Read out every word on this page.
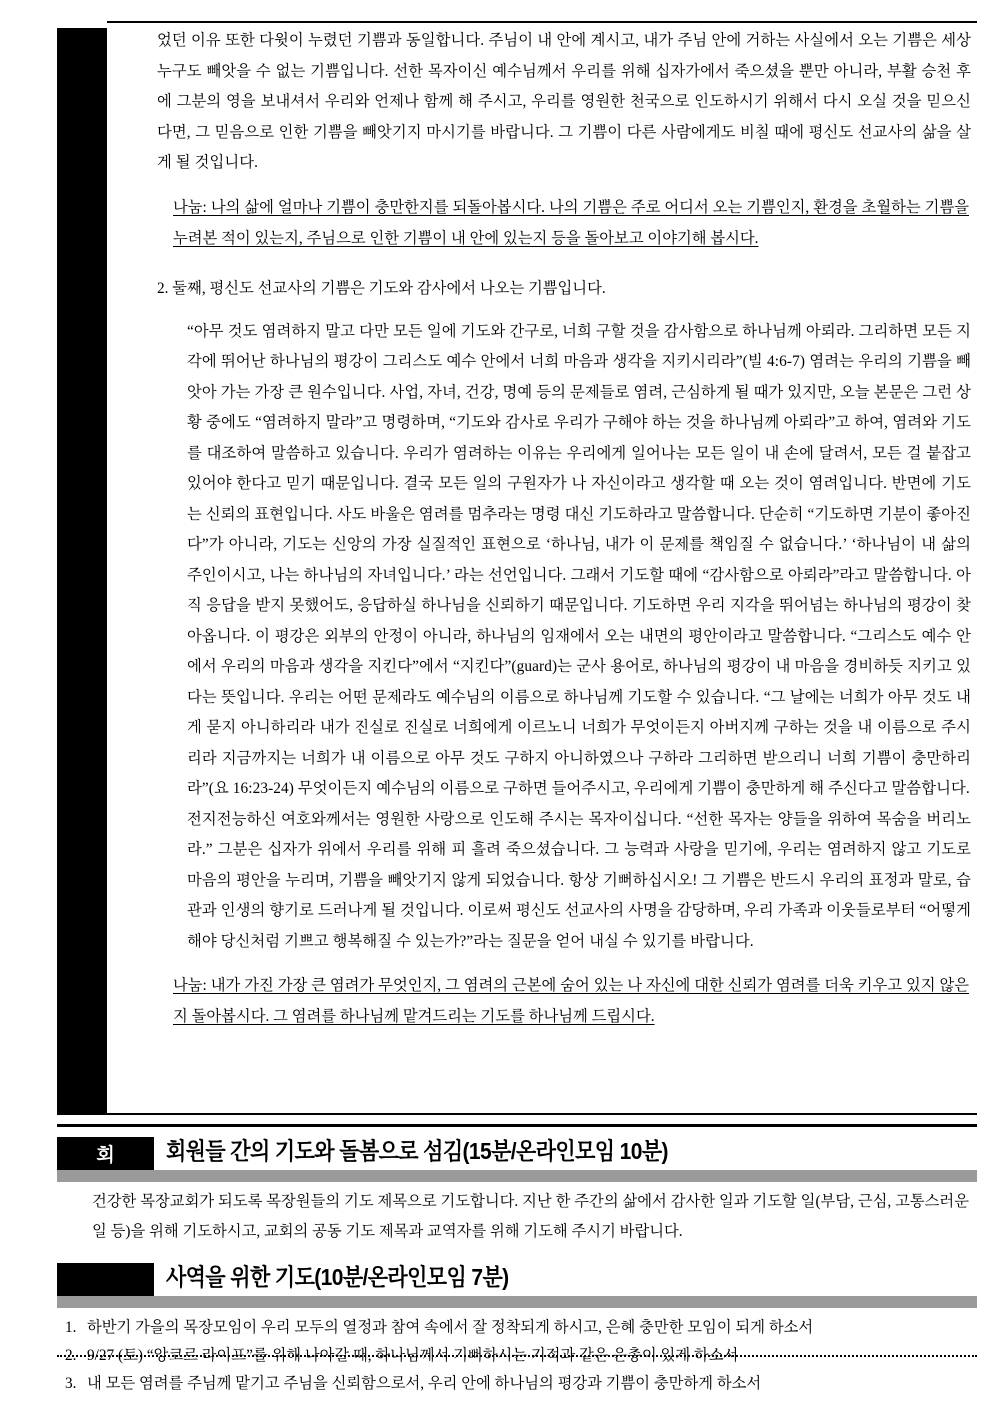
었던 이유 또한 다윗이 누렸던 기쁨과 동일합니다. 주님이 내 안에 계시고, 내가 주님 안에 거하는 사실에서 오는 기쁨은 세상 누구도 빼앗을 수 없는 기쁨입니다. 선한 목자이신 예수님께서 우리를 위해 십자가에서 죽으셨을 뿐만 아니라, 부활 승천 후에 그분의 영을 보내셔서 우리와 언제나 함께 해 주시고, 우리를 영원한 천국으로 인도하시기 위해서 다시 오실 것을 믿으신다면, 그 믿음으로 인한 기쁨을 빼앗기지 마시기를 바랍니다. 그 기쁨이 다른 사람에게도 비칠 때에 평신도 선교사의 삶을 살게 될 것입니다.

나눔: 나의 삶에 얼마나 기쁨이 충만한지를 되돌아봅시다. 나의 기쁨은 주로 어디서 오는 기쁨인지, 환경을 초월하는 기쁨을 누려본 적이 있는지, 주님으로 인한 기쁨이 내 안에 있는지 등을 돌아보고 이야기해 봅시다.

2. 둘째, 평신도 선교사의 기쁨은 기도와 감사에서 나오는 기쁨입니다.

“아무 것도 염려하지 말고 다만 모든 일에 기도와 간구로, 너희 구할 것을 감사함으로 하나님께 아뢰라. 그리하면 모든 지각에 뛰어난 하나님의 평강이 그리스도 예수 안에서 너희 마음과 생각을 지키시리라”(빌 4:6-7) 염려는 우리의 기쁨을 빼앗아 가는 가장 큰 원수입니다. 사업, 자녀, 건강, 명예 등의 문제들로 염려, 근심하게 될 때가 있지만, 오늘 본문은 그런 상황 중에도 “염려하지 말라”고 명령하며, “기도와 감사로 우리가 구해야 하는 것을 하나님께 아뢰라”고 하여, 염려와 기도를 대조하여 말씀하고 있습니다. 우리가 염려하는 이유는 우리에게 일어나는 모든 일이 내 손에 달려서, 모든 걸 붙잡고 있어야 한다고 믿기 때문입니다. 결국 모든 일의 구원자가 나 자신이라고 생각할 때 오는 것이 염려입니다. 반면에 기도는 신뢰의 표현입니다. 사도 바울은 염려를 멈추라는 명령 대신 기도하라고 말씀합니다. 단순히 “기도하면 기분이 좋아진다”가 아니라, 기도는 신앙의 가장 실질적인 표현으로 ‘하나님, 내가 이 문제를 책임질 수 없습니다.’ ‘하나님이 내 삶의 주인이시고, 나는 하나님의 자녀입니다.’ 라는 선언입니다. 그래서 기도할 때에 “감사함으로 아뢰라”라고 말씀합니다. 아직 응답을 받지 못했어도, 응답하실 하나님을 신뢰하기 때문입니다. 기도하면 우리 지각을 뛰어넘는 하나님의 평강이 찾아옵니다. 이 평강은 외부의 안정이 아니라, 하나님의 임재에서 오는 내면의 평안이라고 말씀합니다. “그리스도 예수 안에서 우리의 마음과 생각을 지킨다”에서 “지킨다”(guard)는 군사 용어로, 하나님의 평강이 내 마음을 경비하듯 지키고 있다는 뜻입니다. 우리는 어떤 문제라도 예수님의 이름으로 하나님께 기도할 수 있습니다. “그 날에는 너희가 아무 것도 내게 묻지 아니하리라 내가 진실로 진실로 너희에게 이르노니 너희가 무엇이든지 아버지께 구하는 것을 내 이름으로 주시리라 지금까지는 너희가 내 이름으로 아무 것도 구하지 아니하였으나 구하라 그리하면 받으리니 너희 기쁨이 충만하리라”(요 16:23-24) 무엇이든지 예수님의 이름으로 구하면 들어주시고, 우리에게 기쁨이 충만하게 해 주신다고 말씀합니다.

전지전능하신 여호와께서는 영원한 사랑으로 인도해 주시는 목자이십니다. “선한 목자는 양들을 위하여 목숨을 버리노라.” 그분은 십자가 위에서 우리를 위해 피 흘려 죽으셨습니다. 그 능력과 사랑을 믿기에, 우리는 염려하지 않고 기도로 마음의 평안을 누리며, 기쁨을 빼앗기지 않게 되었습니다. 항상 기뻐하십시오! 그 기쁨은 반드시 우리의 표정과 말로, 습관과 인생의 향기로 드러나게 될 것입니다. 이로써 평신도 선교사의 사명을 감당하며, 우리 가족과 이웃들로부터 “어떻게 해야 당신처럼 기쁘고 행복해질 수 있는가?”라는 질문을 얻어 내실 수 있기를 바랍니다.

나눔: 내가 가진 가장 큰 염려가 무엇인지, 그 염려의 근본에 숨어 있는 나 자신에 대한 신뢰가 염려를 더욱 키우고 있지 않은지 돌아봅시다. 그 염려를 하나님께 맡겨드리는 기도를 하나님께 드립시다.

회	회원들 간의 기도와 돌봄으로 섬김(15분/온라인모임 10분)

건강한 목장교회가 되도록 목장원들의 기도 제목으로 기도합니다. 지난 한 주간의 삶에서 감사한 일과 기도할 일(부담, 근심, 고통스러운 일 등)을 위해 기도하시고, 교회의 공동 기도 제목과 교역자를 위해 기도해 주시기 바랍니다.

사역을 위한 기도(10분/온라인모임 7분)
1. 하반기 가을의 목장모임이 우리 모두의 열정과 참여 속에서 잘 정착되게 하시고, 은혜 충만한 모임이 되게 하소서
2. 9/27 (토) “앙코르 라이프”를 위해 나아갈 때, 하나님께서 기뻐하시는 기적과 같은 은총이 있게 하소서
3. 내 모든 염려를 주님께 맡기고 주님을 신뢰함으로서, 우리 안에 하나님의 평강과 기쁨이 충만하게 하소서
